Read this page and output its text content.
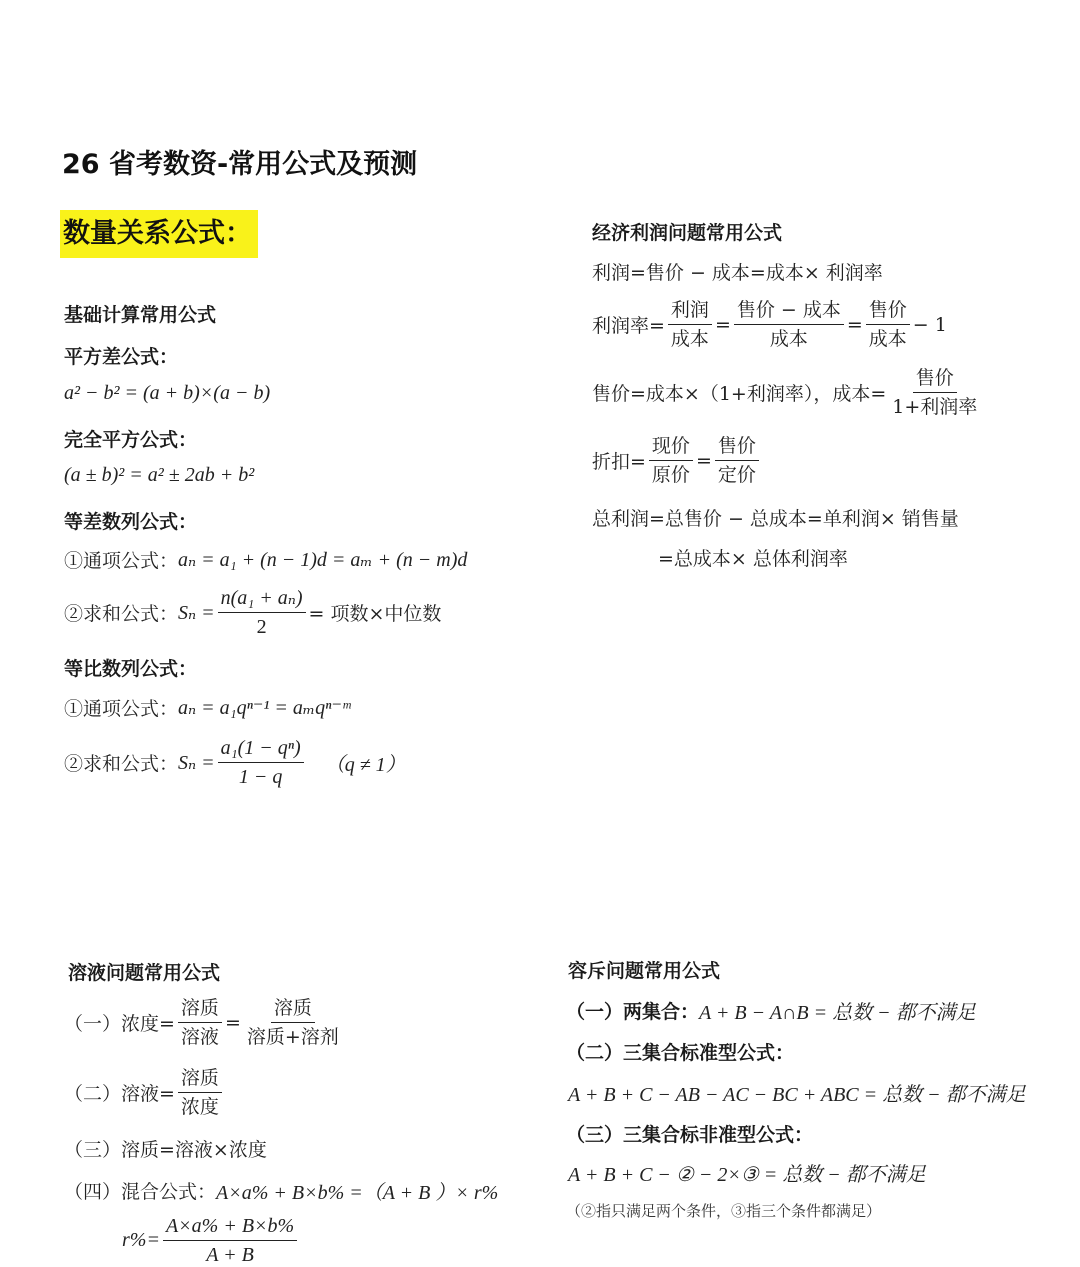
26 省考数资-常用公式及预测
数量关系公式：
基础计算常用公式
平方差公式：
a² − b² = (a + b)×(a − b)
完全平方公式：
(a ± b)² = a² ± 2ab + b²
等差数列公式：
①通项公式： aₙ = a₁ + (n − 1)d = aₘ + (n − m)d
②求和公式： $S_n = \frac{\text{n(a₁ + aₙ)}}{2}$ = 项数×中位数
等比数列公式：
①通项公式： aₙ = a₁qⁿ⁻¹ = aₘqⁿ⁻ᵐ
②求和公式： $S_n = \frac{\text{a₁(1 − qⁿ)}}{1 - q} (q \ne 1)$
经济利润问题常用公式
利润=售价 − 成本=成本× 利润率
利润率= $\frac{\text{利润}}{\text{成本}} = \frac{\text{售价 − 成本}}{\text{成本}} = \frac{\text{售价}}{\text{成本}} - 1$
售价=成本×（1+利润率），成本= $\frac{\text{售价}}{\text{1+利润率}}$
折扣= $\frac{\text{现价}}{\text{原价}} = \frac{\text{售价}}{\text{定价}}$
总利润=总售价 − 总成本=单利润× 销售量
=总成本× 总体利润率
溶液问题常用公式
（一）浓度= $\frac{\text{溶质}}{\text{溶液}} = \frac{\text{溶质}}{\text{溶质+溶剂}}$
（二）溶液= $\frac{\text{溶质}}{\text{浓度}}$
（三）溶质=溶液×浓度
（四）混合公式： A×a% + B×b% =（A + B ）× r%
$r\%= \frac{A\times a\% + B\times b\%}{A + B}$
容斥问题常用公式
（一）两集合： A + B − A∩B = 总数 − 都不满足
（二）三集合标准型公式：
A + B + C − AB − AC − BC + ABC = 总数 − 都不满足
（三）三集合标非准型公式：
A + B + C − ② − 2×③ = 总数 − 都不满足
（②指只满足两个条件，③指三个条件都满足）
